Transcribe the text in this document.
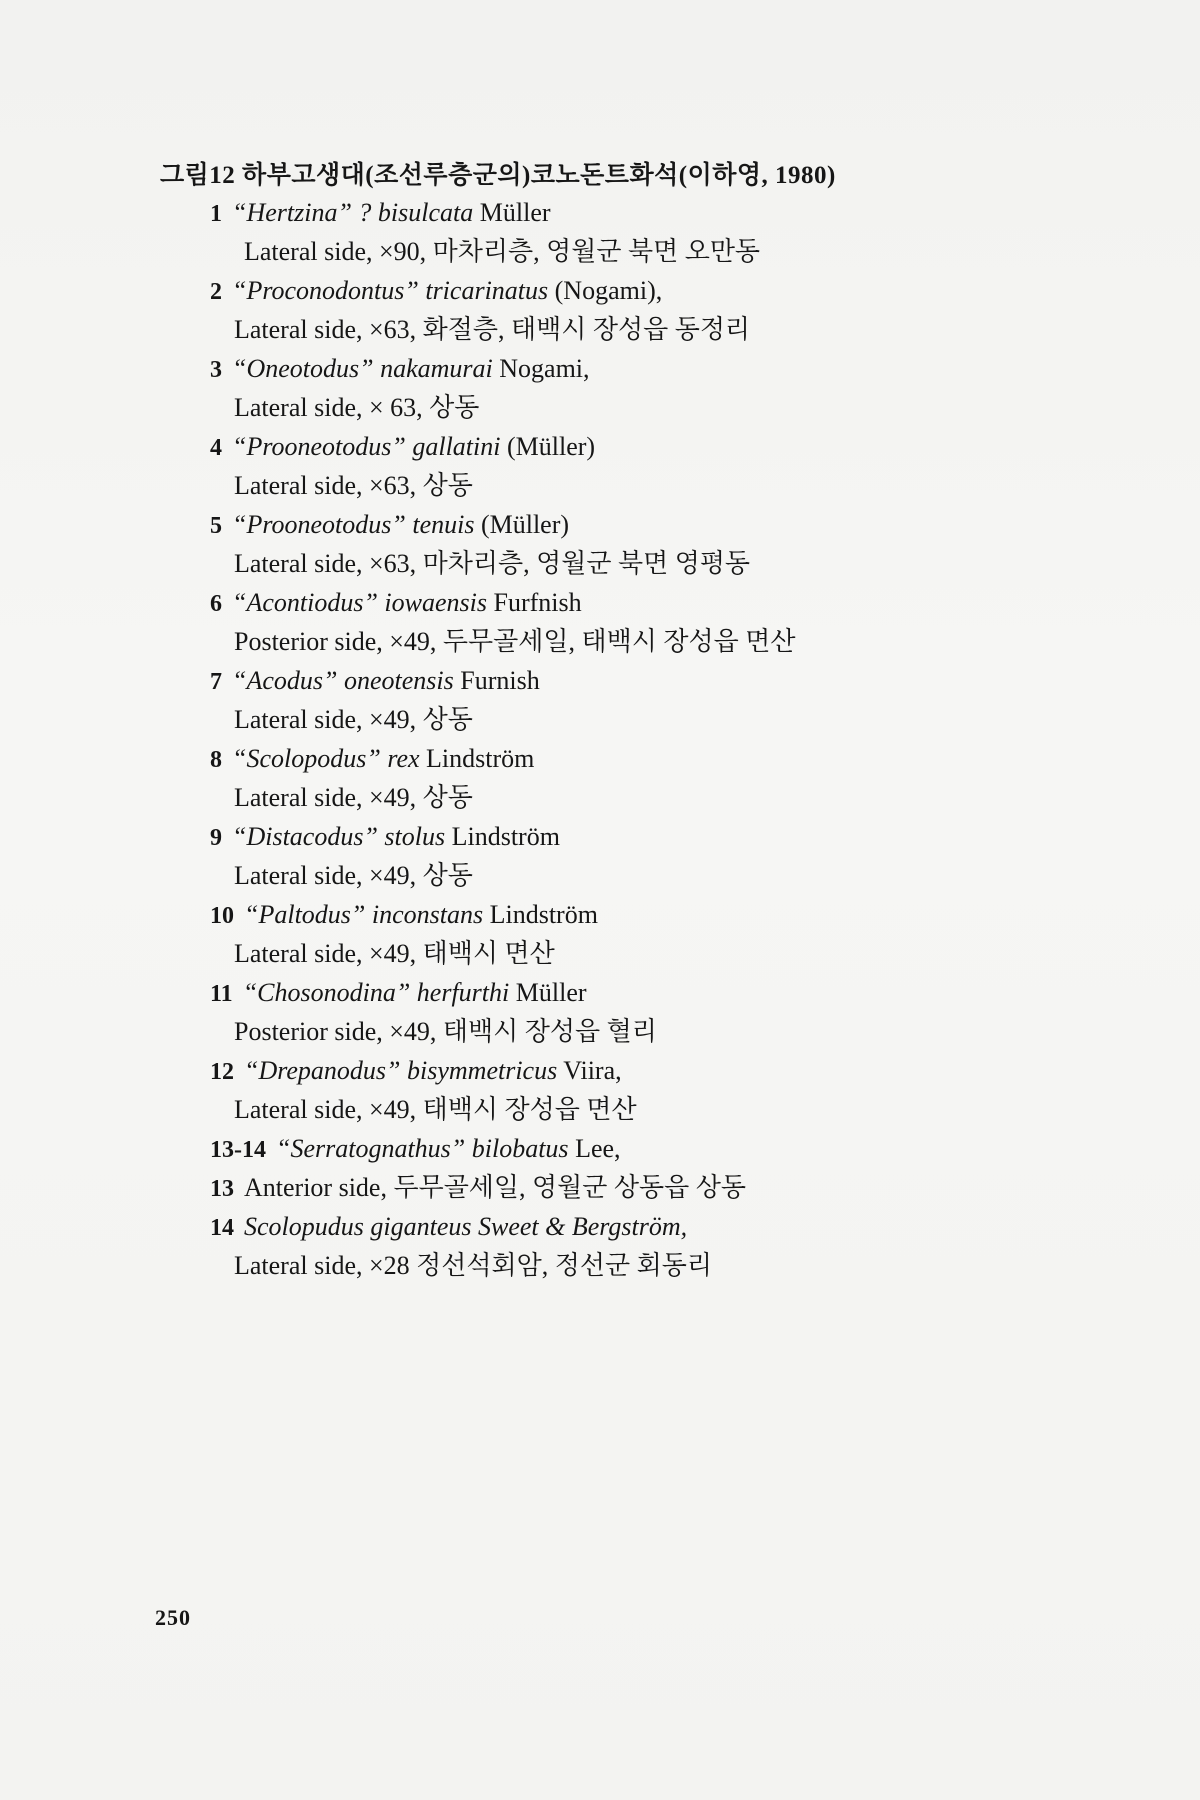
그림12 하부고생대(조선루층군의)코노돈트화석(이하영, 1980)
1 “Hertzina” ? bisulcata Müller
Lateral side, ×90, 마차리층, 영월군 북면 오만동
2 “Proconodontus” tricarinatus (Nogami),
Lateral side, ×63, 화절층, 태백시 장성읍 동정리
3 “Oneotodus” nakamurai Nogami,
Lateral side, × 63, 상동
4 “Prooneotodus” gallatini (Müller)
Lateral side, ×63, 상동
5 “Prooneotodus” tenuis (Müller)
Lateral side, ×63, 마차리층, 영월군 북면 영평동
6 “Acontiodus” iowaensis Furfnish
Posterior side, ×49, 두무골세일, 태백시 장성읍 면산
7 “Acodus” oneotensis Furnish
Lateral side, ×49, 상동
8 “Scolopodus” rex Lindström
Lateral side, ×49, 상동
9 “Distacodus” stolus Lindström
Lateral side, ×49, 상동
10 “Paltodus” inconstans Lindström
Lateral side, ×49, 태백시 면산
11 “Chosonodina” herfurthi Müller
Posterior side, ×49, 태백시 장성읍 혈리
12 “Drepanodus” bisymmetricus Viira,
Lateral side, ×49, 태백시 장성읍 면산
13-14 “Serratognathus” bilobatus Lee,
13 Anterior side, 두무골세일, 영월군 상동읍 상동
14 Scolopudus giganteus Sweet & Bergström,
Lateral side, ×28 정선석회암, 정선군 회동리
250
